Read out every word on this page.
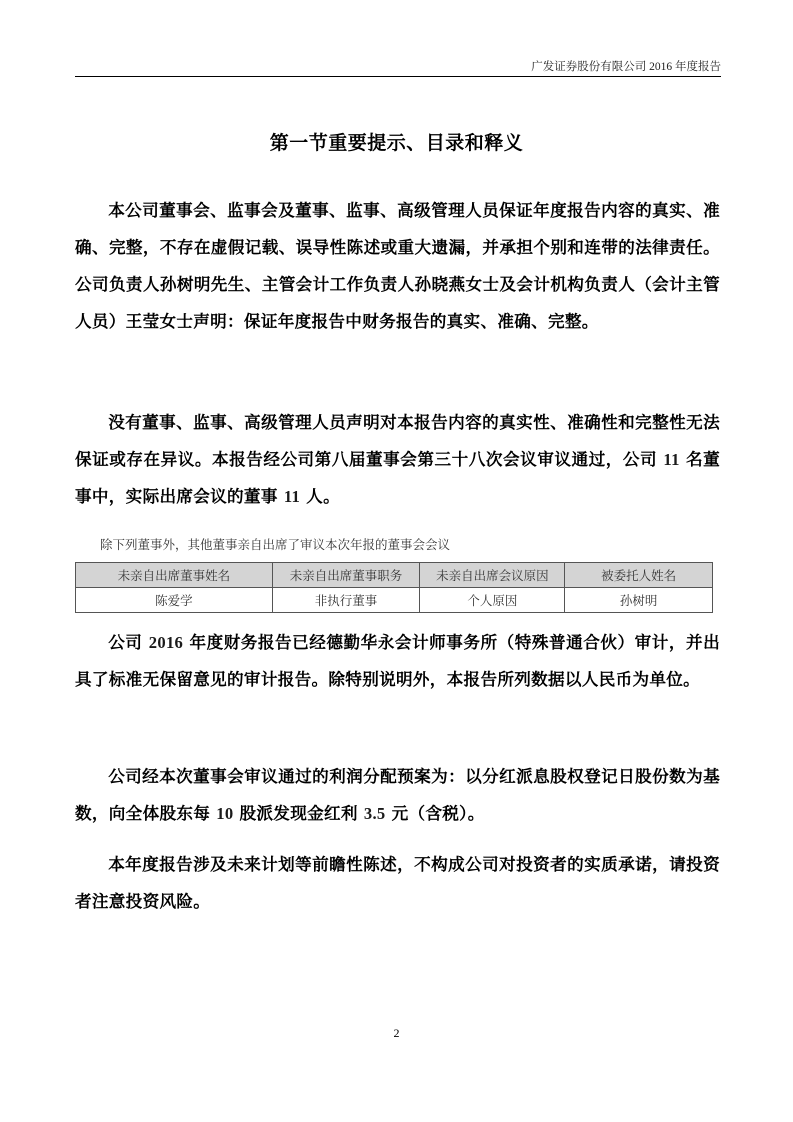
广发证券股份有限公司 2016 年度报告
第一节重要提示、目录和释义

本公司董事会、监事会及董事、监事、高级管理人员保证年度报告内容的真实、准确、完整，不存在虚假记载、误导性陈述或重大遗漏，并承担个别和连带的法律责任。公司负责人孙树明先生、主管会计工作负责人孙晓燕女士及会计机构负责人（会计主管人员）王莹女士声明：保证年度报告中财务报告的真实、准确、完整。

没有董事、监事、高级管理人员声明对本报告内容的真实性、准确性和完整性无法保证或存在异议。本报告经公司第八届董事会第三十八次会议审议通过，公司 11 名董事中，实际出席会议的董事 11 人。

除下列董事外，其他董事亲自出席了审议本次年报的董事会会议
未亲自出席董事姓名	未亲自出席董事职务	未亲自出席会议原因	被委托人姓名
陈爱学	非执行董事	个人原因	孙树明

公司 2016 年度财务报告已经德勤华永会计师事务所（特殊普通合伙）审计，并出具了标准无保留意见的审计报告。除特别说明外，本报告所列数据以人民币为单位。

公司经本次董事会审议通过的利润分配预案为：以分红派息股权登记日股份数为基数，向全体股东每 10 股派发现金红利 3.5 元（含税）。

本年度报告涉及未来计划等前瞻性陈述，不构成公司对投资者的实质承诺，请投资者注意投资风险。

2
